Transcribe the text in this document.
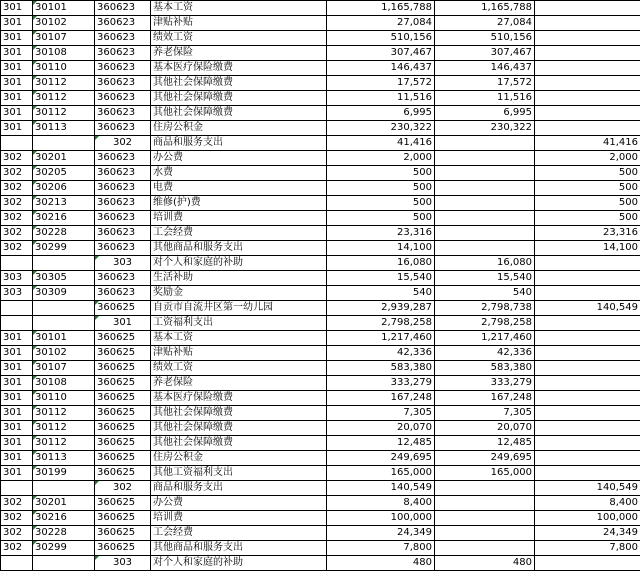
301	30101	360623	基本工资	1,165,788	1,165,788	
301	30102	360623	津贴补贴	27,084	27,084	
301	30107	360623	绩效工资	510,156	510,156	
301	30108	360623	养老保险	307,467	307,467	
301	30110	360623	基本医疗保险缴费	146,437	146,437	
301	30112	360623	其他社会保障缴费	17,572	17,572	
301	30112	360623	其他社会保障缴费	11,516	11,516	
301	30112	360623	其他社会保障缴费	6,995	6,995	
301	30113	360623	住房公积金	230,322	230,322	
		302	商品和服务支出	41,416		41,416
302	30201	360623	办公费	2,000		2,000
302	30205	360623	水费	500		500
302	30206	360623	电费	500		500
302	30213	360623	维修(护)费	500		500
302	30216	360623	培训费	500		500
302	30228	360623	工会经费	23,316		23,316
302	30299	360623	其他商品和服务支出	14,100		14,100
		303	对个人和家庭的补助	16,080	16,080	
303	30305	360623	生活补助	15,540	15,540	
303	30309	360623	奖励金	540	540	
		360625	自贡市自流井区第一幼儿园	2,939,287	2,798,738	140,549
		301	工资福利支出	2,798,258	2,798,258	
301	30101	360625	基本工资	1,217,460	1,217,460	
301	30102	360625	津贴补贴	42,336	42,336	
301	30107	360625	绩效工资	583,380	583,380	
301	30108	360625	养老保险	333,279	333,279	
301	30110	360625	基本医疗保险缴费	167,248	167,248	
301	30112	360625	其他社会保障缴费	7,305	7,305	
301	30112	360625	其他社会保障缴费	20,070	20,070	
301	30112	360625	其他社会保障缴费	12,485	12,485	
301	30113	360625	住房公积金	249,695	249,695	
301	30199	360625	其他工资福利支出	165,000	165,000	
		302	商品和服务支出	140,549		140,549
302	30201	360625	办公费	8,400		8,400
302	30216	360625	培训费	100,000		100,000
302	30228	360625	工会经费	24,349		24,349
302	30299	360625	其他商品和服务支出	7,800		7,800
		303	对个人和家庭的补助	480	480	
